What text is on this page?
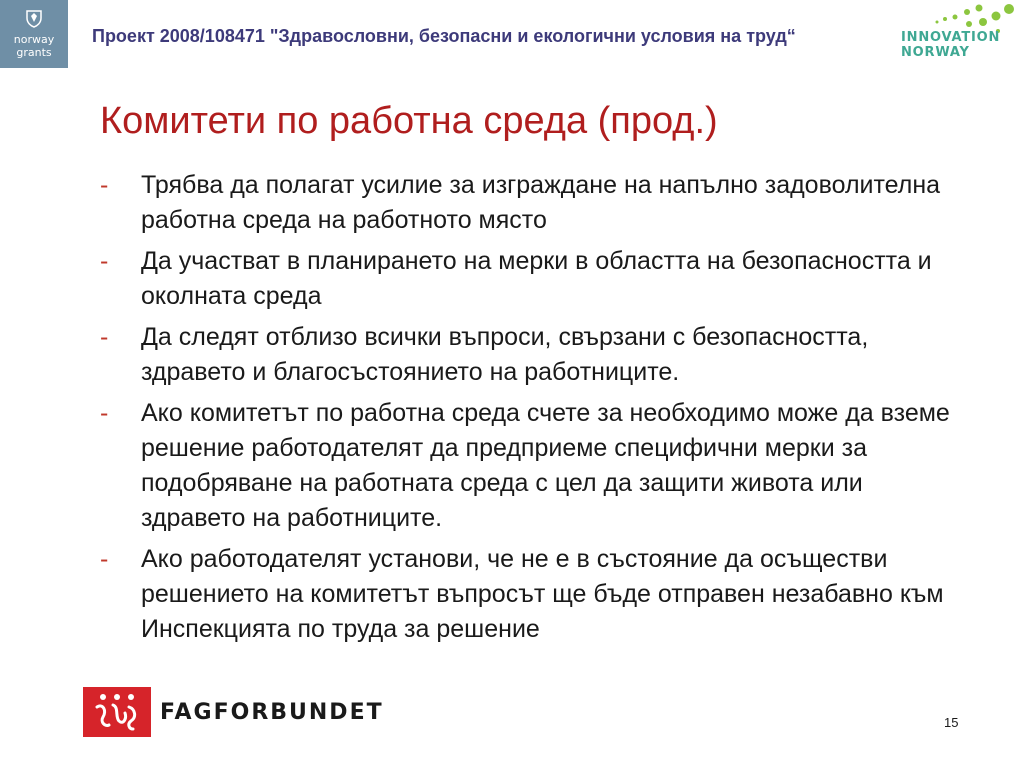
norway
grants
Проект 2008/108471 "Здравословни, безопасни и екологични условия на труд“	INNOVATION
NORWAY
Комитети по работна среда (прод.)
- Трябва да полагат усилие за изграждане на напълно задоволителна работна среда на работното място
- Да участват в планирането на мерки в областта на безопасността и околната среда
- Да следят отблизо всички въпроси, свързани с безопасността, здравето и благосъстоянието на работниците.
- Ако комитетът по работна среда счете за необходимо може да вземе решение работодателят да предприеме специфични мерки за подобряване на работната среда с цел да защити живота или здравето на работниците.
- Ако работодателят установи, че не е в състояние да осъществи решението на комитетът въпросът ще бъде отправен незабавно към Инспекцията по труда за решение
FAGFORBUNDET	15
